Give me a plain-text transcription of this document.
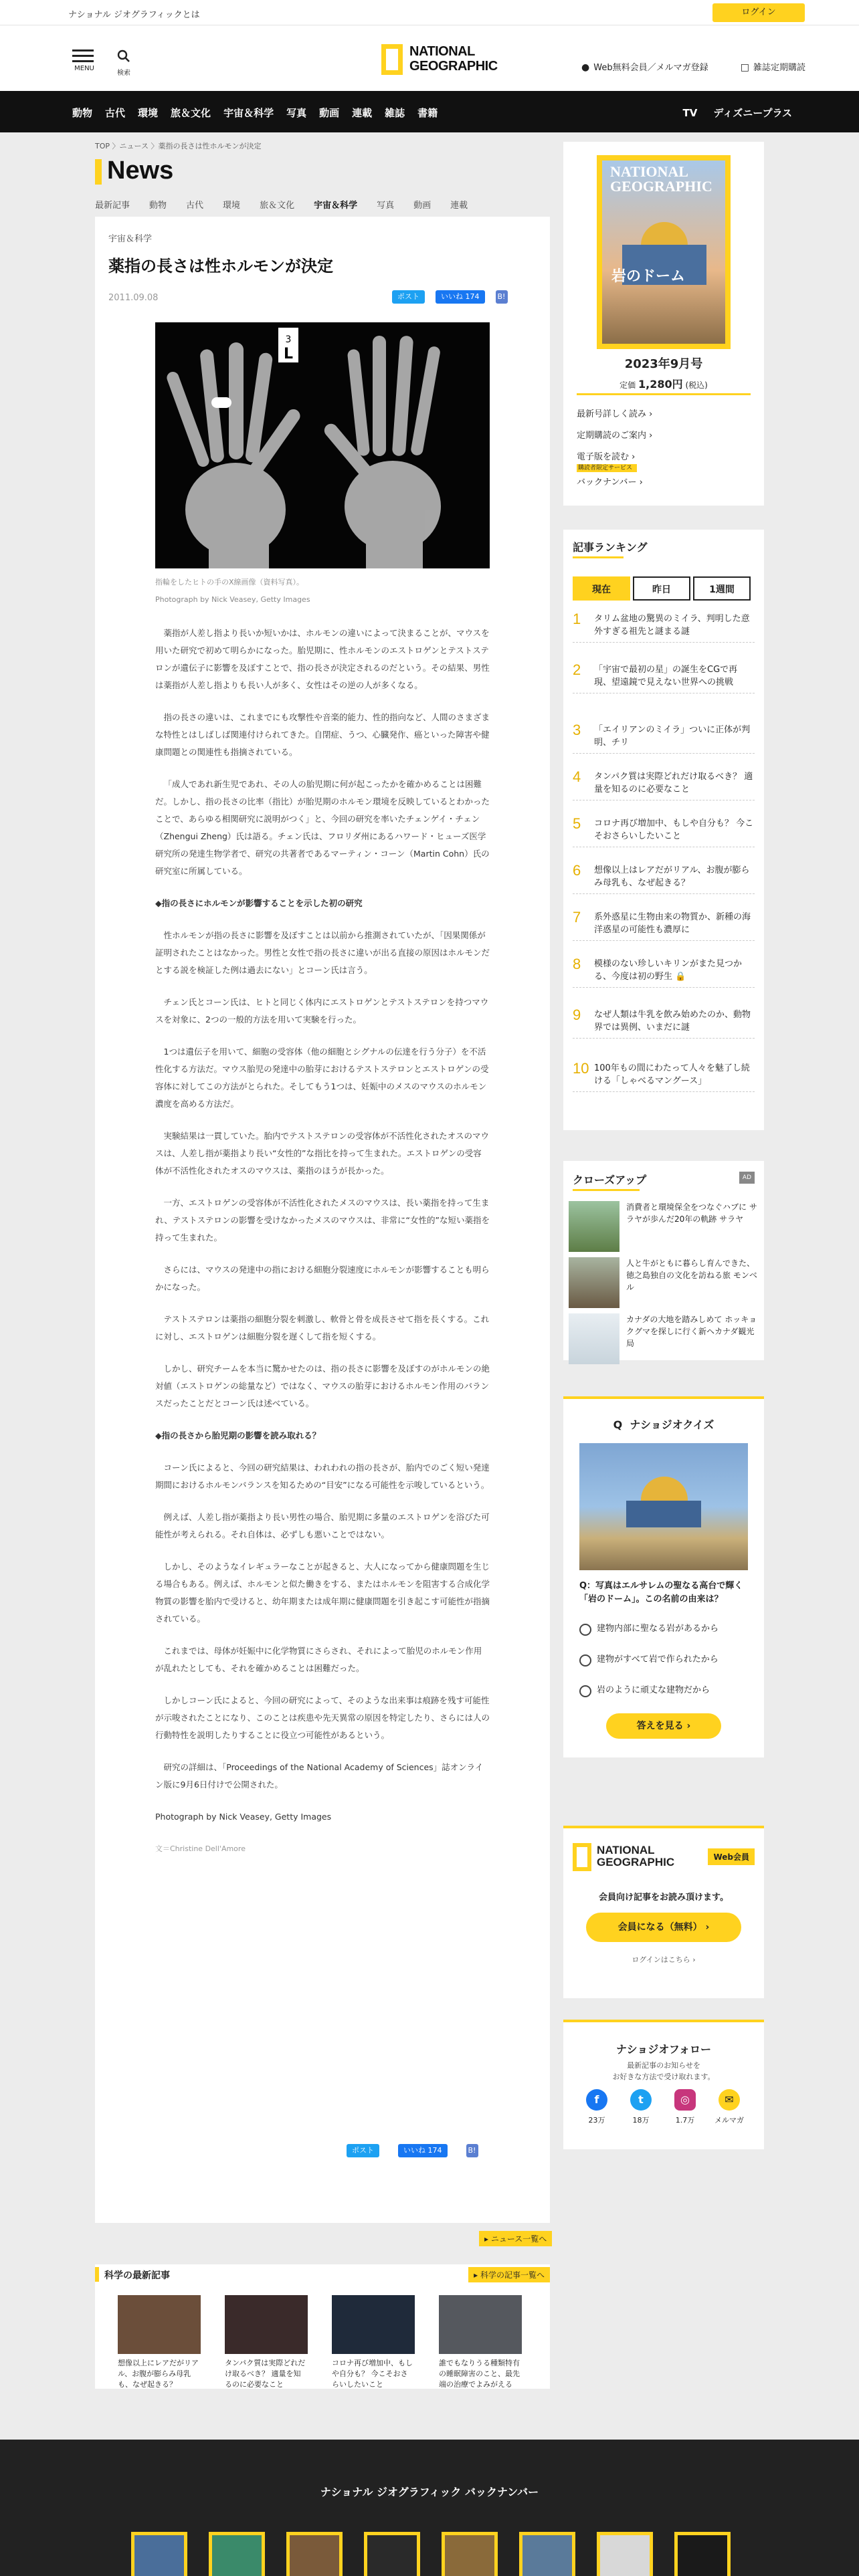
ナショナル ジオグラフィックとは	ログイン
MENU
検索
NATIONAL
GEOGRAPHIC	● Web無料会員／メルマガ登録	□ 雑誌定期購読
動物 古代 環境 旅＆文化 宇宙＆科学 写真 動画 連載 雑誌 書籍	TV ディズニープラス
TOP 〉ニュース 〉薬指の長さは性ホルモンが決定
News
最新記事 動物 古代 環境 旅＆文化 宇宙＆科学 写真 動画 連載
宇宙＆科学
薬指の長さは性ホルモンが決定
2011.09.08	ポスト	いいね 174 B!
3
L
指輪をしたヒトの手のX線画像（資料写真）。
Photograph by Nick Veasey, Getty Images

薬指が人差し指より長いか短いかは、ホルモンの違いによって決まることが、マウスを用いた研究で初めて明らかになった。胎児期に、性ホルモンのエストロゲンとテストステロンが遺伝子に影響を及ぼすことで、指の長さが決定されるのだという。その結果、男性は薬指が人差し指よりも長い人が多く、女性はその逆の人が多くなる。

指の長さの違いは、これまでにも攻撃性や音楽的能力、性的指向など、人間のさまざまな特性とはしばしば関連付けられてきた。自閉症、うつ、心臓発作、癌といった障害や健康問題との関連性も指摘されている。

「成人であれ新生児であれ、その人の胎児期に何が起こったかを確かめることは困難だ。しかし、指の長さの比率（指比）が胎児期のホルモン環境を反映しているとわかったことで、あらゆる相関研究に説明がつく」と、今回の研究を率いたチェンゲイ・チェン（Zhengui Zheng）氏は語る。チェン氏は、フロリダ州にあるハワード・ヒューズ医学研究所の発達生物学者で、研究の共著者であるマーティン・コーン（Martin Cohn）氏の研究室に所属している。

◆指の長さにホルモンが影響することを示した初の研究

性ホルモンが指の長さに影響を及ぼすことは以前から推測されていたが、「因果関係が証明されたことはなかった。男性と女性で指の長さに違いが出る直接の原因はホルモンだとする説を検証した例は過去にない」とコーン氏は言う。

チェン氏とコーン氏は、ヒトと同じく体内にエストロゲンとテストステロンを持つマウスを対象に、2つの一般的方法を用いて実験を行った。

1つは遺伝子を用いて、細胞の受容体（他の細胞とシグナルの伝達を行う分子）を不活性化する方法だ。マウス胎児の発達中の胎芽におけるテストステロンとエストロゲンの受容体に対してこの方法がとられた。そしてもう1つは、妊娠中のメスのマウスのホルモン濃度を高める方法だ。

実験結果は一貫していた。胎内でテストステロンの受容体が不活性化されたオスのマウスは、人差し指が薬指より長い“女性的”な指比を持って生まれた。エストロゲンの受容体が不活性化されたオスのマウスは、薬指のほうが長かった。

一方、エストロゲンの受容体が不活性化されたメスのマウスは、長い薬指を持って生まれ、テストステロンの影響を受けなかったメスのマウスは、非常に“女性的”な短い薬指を持って生まれた。

さらには、マウスの発達中の指における細胞分裂速度にホルモンが影響することも明らかになった。

テストステロンは薬指の細胞分裂を刺激し、軟骨と骨を成長させて指を長くする。これに対し、エストロゲンは細胞分裂を遅くして指を短くする。

しかし、研究チームを本当に驚かせたのは、指の長さに影響を及ぼすのがホルモンの絶対値（エストロゲンの総量など）ではなく、マウスの胎芽におけるホルモン作用のバランスだったことだとコーン氏は述べている。

◆指の長さから胎児期の影響を読み取れる？

コーン氏によると、今回の研究結果は、われわれの指の長さが、胎内でのごく短い発達期間におけるホルモンバランスを知るための“目安”になる可能性を示唆しているという。

例えば、人差し指が薬指より長い男性の場合、胎児期に多量のエストロゲンを浴びた可能性が考えられる。それ自体は、必ずしも悪いことではない。

しかし、そのようなイレギュラーなことが起きると、大人になってから健康問題を生じる場合もある。例えば、ホルモンと似た働きをする、またはホルモンを阻害する合成化学物質の影響を胎内で受けると、幼年期または成年期に健康問題を引き起こす可能性が指摘されている。

これまでは、母体が妊娠中に化学物質にさらされ、それによって胎児のホルモン作用が乱れたとしても、それを確かめることは困難だった。

しかしコーン氏によると、今回の研究によって、そのような出来事は痕跡を残す可能性が示唆されたことになり、このことは疾患や先天異常の原因を特定したり、さらには人の行動特性を説明したりすることに役立つ可能性があるという。

研究の詳細は、「Proceedings of the National Academy of Sciences」誌オンライン版に9月6日付けで公開された。

Photograph by Nick Veasey, Getty Images

文＝Christine Dell'Amore

ポスト	いいね 174	B!
▸ ニュース一覧へ
科学の最新記事	▸ 科学の記事一覧へ
想像以上にレアだがリアル、お腹が膨らみ母乳も、なぜ起きる？
タンパク質は実際どれだけ取るべき？ 適量を知るのに必要なこと
コロナ再び増加中、もしや自分も？ 今こそおさらいしたいこと
誰でもなりうる種類特有の睡眠障害のこと、最先端の治療でよみがえる
NATIONAL
GEOGRAPHIC
岩のドーム
2023年9月号
定価 1,280円 (税込)
最新号詳しく読み ›
定期購読のご案内 ›
電子版を読む ›
購読者限定サービス
バックナンバー ›
記事ランキング
現在	昨日	1週間
1 タリム盆地の驚異のミイラ、判明した意外すぎる祖先と謎まる謎
2 「宇宙で最初の星」の誕生をCGで再現、望遠鏡で見えない世界への挑戦
3 「エイリアンのミイラ」ついに正体が判明、チリ
4 タンパク質は実際どれだけ取るべき？ 適量を知るのに必要なこと
5 コロナ再び増加中、もしや自分も？ 今こそおさらいしたいこと
6 想像以上はレアだがリアル、お腹が膨らみ母乳も、なぜ起きる？
7 系外惑星に生物由来の物質か、新種の海洋惑星の可能性も濃厚に
8 模様のない珍しいキリンがまた見つかる、今度は初の野生 🔒
9 なぜ人類は牛乳を飲み始めたのか、動物界では異例、いまだに謎
10 100年もの間にわたって人々を魅了し続ける「しゃべるマングース」
クローズアップ	AD
消費者と環境保全をつなぐハブに サラヤが歩んだ20年の軌跡 サラヤ
人と牛がともに暮らし育んできた、徳之島独自の文化を訪ねる旅 モンベル
カナダの大地を踏みしめて ホッキョクグマを探しに行く新ヘカナダ観光局
Q ナショジオクイズ
Q：写真はエルサレムの聖なる高台で輝く「岩のドーム」。この名前の由来は？
建物内部に聖なる岩があるから
建物がすべて岩で作られたから
岩のように頑丈な建物だから
答えを見る ›
NATIONAL
GEOGRAPHIC	Web会員
会員向け記事をお読み頂けます。
会員になる（無料） ›
ログインはこちら ›
ナショジオフォロー
最新記事のお知らせを
お好きな方法で受け取れます。
f
23万
t
18万
◎
1.7万
✉
メルマガ
ナショナル ジオグラフィック バックナンバー
